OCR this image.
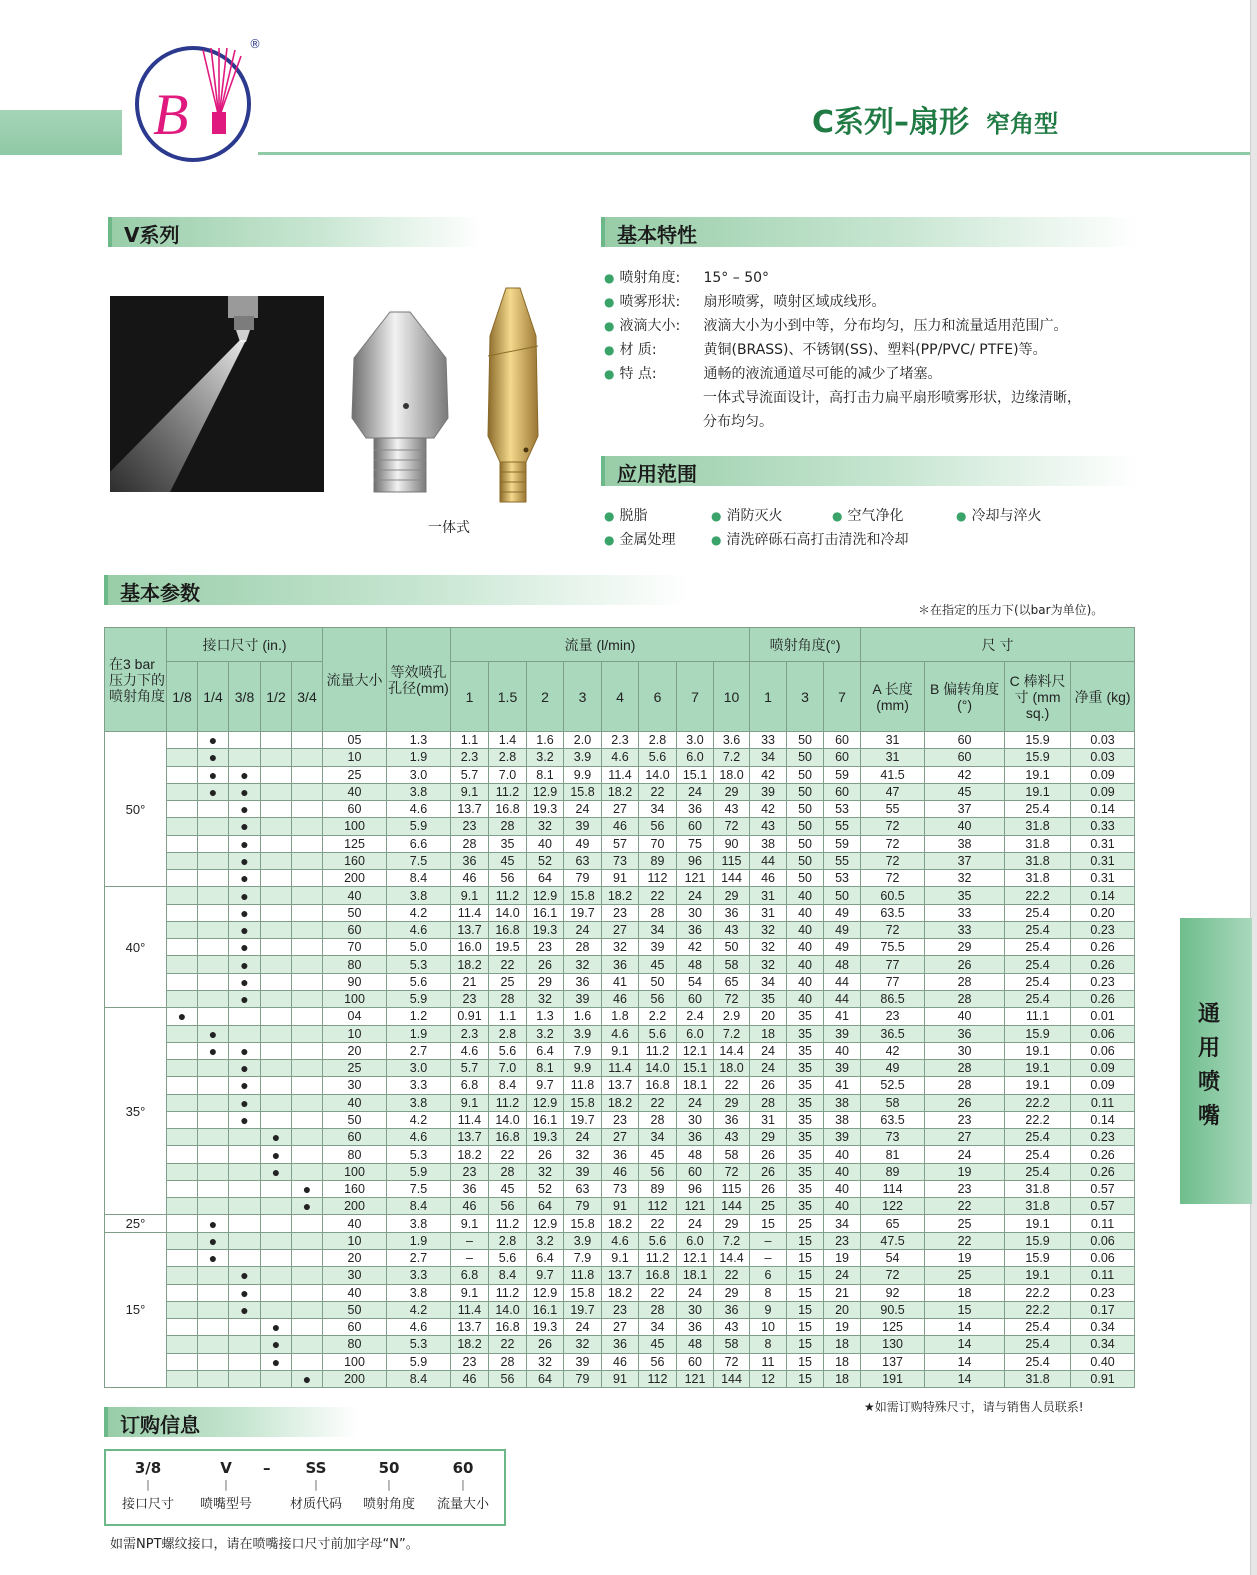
B
®
C系列–扇形 窄角型
V系列	基本特性
应用范围
基本参数
订购信息
一体式
● 喷射角度: 15° – 50°
● 喷雾形状: 扇形喷雾，喷射区域成线形。
● 液滴大小: 液滴大小为小到中等，分布均匀，压力和流量适用范围广。
● 材 质:	黄铜(BRASS)、不锈钢(SS)、塑料(PP/PVC/ PTFE)等。
● 特 点:	通畅的液流通道尽可能的减少了堵塞。
一体式导流面设计，高打击力扁平扇形喷雾形状，边缘清晰，
分布均匀。
● 脱脂	● 消防灭火	● 空气净化	● 冷却与淬火
● 金属处理	● 清洗碎砾石高打击清洗和冷却
＊在指定的压力下(以bar为单位)。
在3 bar压力下的喷射角度	接口尺寸 (in.)					流量大小	等效喷孔孔径(mm)	流量 (l/min)								喷射角度(°)			尺 寸			
	1/8	1/4	3/8	1/2	3/4			1	1.5	2	3	4	6	7	10	1	3	7	A 长度 (mm)	B 偏转角度 (°)	C 棒料尺寸 (mm sq.)	净重 (kg)
50°		●				05	1.3	1.1	1.4	1.6	2.0	2.3	2.8	3.0	3.6	33	50	60	31	60	15.9	0.03
		●				10	1.9	2.3	2.8	3.2	3.9	4.6	5.6	6.0	7.2	34	50	60	31	60	15.9	0.03
		●	●			25	3.0	5.7	7.0	8.1	9.9	11.4	14.0	15.1	18.0	42	50	59	41.5	42	19.1	0.09
		●	●			40	3.8	9.1	11.2	12.9	15.8	18.2	22	24	29	39	50	60	47	45	19.1	0.09
			●			60	4.6	13.7	16.8	19.3	24	27	34	36	43	42	50	53	55	37	25.4	0.14
			●			100	5.9	23	28	32	39	46	56	60	72	43	50	55	72	40	31.8	0.33
			●			125	6.6	28	35	40	49	57	70	75	90	38	50	59	72	38	31.8	0.31
			●			160	7.5	36	45	52	63	73	89	96	115	44	50	55	72	37	31.8	0.31
			●			200	8.4	46	56	64	79	91	112	121	144	46	50	53	72	32	31.8	0.31
40°			●			40	3.8	9.1	11.2	12.9	15.8	18.2	22	24	29	31	40	50	60.5	35	22.2	0.14
			●			50	4.2	11.4	14.0	16.1	19.7	23	28	30	36	31	40	49	63.5	33	25.4	0.20
			●			60	4.6	13.7	16.8	19.3	24	27	34	36	43	32	40	49	72	33	25.4	0.23
			●			70	5.0	16.0	19.5	23	28	32	39	42	50	32	40	49	75.5	29	25.4	0.26
			●			80	5.3	18.2	22	26	32	36	45	48	58	32	40	48	77	26	25.4	0.26
			●			90	5.6	21	25	29	36	41	50	54	65	34	40	44	77	28	25.4	0.23
			●			100	5.9	23	28	32	39	46	56	60	72	35	40	44	86.5	28	25.4	0.26
35°	●					04	1.2	0.91	1.1	1.3	1.6	1.8	2.2	2.4	2.9	20	35	41	23	40	11.1	0.01
		●				10	1.9	2.3	2.8	3.2	3.9	4.6	5.6	6.0	7.2	18	35	39	36.5	36	15.9	0.06
		●	●			20	2.7	4.6	5.6	6.4	7.9	9.1	11.2	12.1	14.4	24	35	40	42	30	19.1	0.06
			●			25	3.0	5.7	7.0	8.1	9.9	11.4	14.0	15.1	18.0	24	35	39	49	28	19.1	0.09
			●			30	3.3	6.8	8.4	9.7	11.8	13.7	16.8	18.1	22	26	35	41	52.5	28	19.1	0.09
			●			40	3.8	9.1	11.2	12.9	15.8	18.2	22	24	29	28	35	38	58	26	22.2	0.11
			●			50	4.2	11.4	14.0	16.1	19.7	23	28	30	36	31	35	38	63.5	23	22.2	0.14
				●		60	4.6	13.7	16.8	19.3	24	27	34	36	43	29	35	39	73	27	25.4	0.23
				●		80	5.3	18.2	22	26	32	36	45	48	58	26	35	40	81	24	25.4	0.26
				●		100	5.9	23	28	32	39	46	56	60	72	26	35	40	89	19	25.4	0.26
					●	160	7.5	36	45	52	63	73	89	96	115	26	35	40	114	23	31.8	0.57
					●	200	8.4	46	56	64	79	91	112	121	144	25	35	40	122	22	31.8	0.57
25°		●				40	3.8	9.1	11.2	12.9	15.8	18.2	22	24	29	15	25	34	65	25	19.1	0.11
15°		●				10	1.9	–	2.8	3.2	3.9	4.6	5.6	6.0	7.2	–	15	23	47.5	22	15.9	0.06
		●				20	2.7	–	5.6	6.4	7.9	9.1	11.2	12.1	14.4	–	15	19	54	19	15.9	0.06
			●			30	3.3	6.8	8.4	9.7	11.8	13.7	16.8	18.1	22	6	15	24	72	25	19.1	0.11
			●			40	3.8	9.1	11.2	12.9	15.8	18.2	22	24	29	8	15	21	92	18	22.2	0.23
			●			50	4.2	11.4	14.0	16.1	19.7	23	28	30	36	9	15	20	90.5	15	22.2	0.17
				●		60	4.6	13.7	16.8	19.3	24	27	34	36	43	10	15	19	125	14	25.4	0.34
				●		80	5.3	18.2	22	26	32	36	45	48	58	8	15	18	130	14	25.4	0.34
				●		100	5.9	23	28	32	39	46	56	60	72	11	15	18	137	14	25.4	0.40
					●	200	8.4	46	56	64	79	91	112	121	144	12	15	18	191	14	31.8	0.91
★如需订购特殊尺寸，请与销售人员联系!
通用喷嘴
3/8
|
接口尺寸
V
|
喷嘴型号
SS
|
材质代码
50
|
喷射角度
60
|
流量大小
–
如需NPT螺纹接口，请在喷嘴接口尺寸前加字母“N”。
